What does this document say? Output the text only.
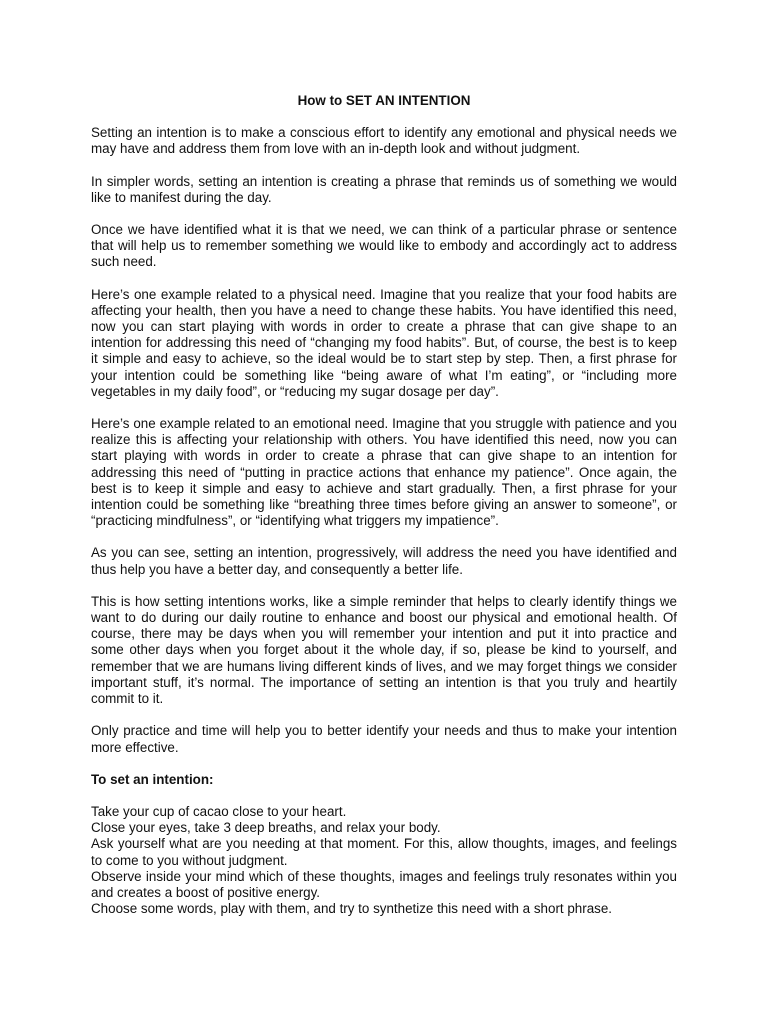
How to SET AN INTENTION

Setting an intention is to make a conscious effort to identify any emotional and physical needs we may have and address them from love with an in-depth look and without judgment.

In simpler words, setting an intention is creating a phrase that reminds us of something we would like to manifest during the day.

Once we have identified what it is that we need, we can think of a particular phrase or sentence that will help us to remember something we would like to embody and accordingly act to address such need.

Here’s one example related to a physical need. Imagine that you realize that your food habits are affecting your health, then you have a need to change these habits. You have identified this need, now you can start playing with words in order to create a phrase that can give shape to an intention for addressing this need of “changing my food habits”. But, of course, the best is to keep it simple and easy to achieve, so the ideal would be to start step by step. Then, a first phrase for your intention could be something like “being aware of what I’m eating”, or “including more vegetables in my daily food”, or “reducing my sugar dosage per day”.

Here’s one example related to an emotional need. Imagine that you struggle with patience and you realize this is affecting your relationship with others. You have identified this need, now you can start playing with words in order to create a phrase that can give shape to an intention for addressing this need of “putting in practice actions that enhance my patience”. Once again, the best is to keep it simple and easy to achieve and start gradually. Then, a first phrase for your intention could be something like “breathing three times before giving an answer to someone”, or “practicing mindfulness”, or “identifying what triggers my impatience”.

As you can see, setting an intention, progressively, will address the need you have identified and thus help you have a better day, and consequently a better life.

This is how setting intentions works, like a simple reminder that helps to clearly identify things we want to do during our daily routine to enhance and boost our physical and emotional health. Of course, there may be days when you will remember your intention and put it into practice and some other days when you forget about it the whole day, if so, please be kind to yourself, and remember that we are humans living different kinds of lives, and we may forget things we consider important stuff, it’s normal. The importance of setting an intention is that you truly and heartily commit to it.

Only practice and time will help you to better identify your needs and thus to make your intention more effective.

To set an intention:

Take your cup of cacao close to your heart.

Close your eyes, take 3 deep breaths, and relax your body.

Ask yourself what are you needing at that moment. For this, allow thoughts, images, and feelings to come to you without judgment.

Observe inside your mind which of these thoughts, images and feelings truly resonates within you and creates a boost of positive energy.

Choose some words, play with them, and try to synthetize this need with a short phrase.
